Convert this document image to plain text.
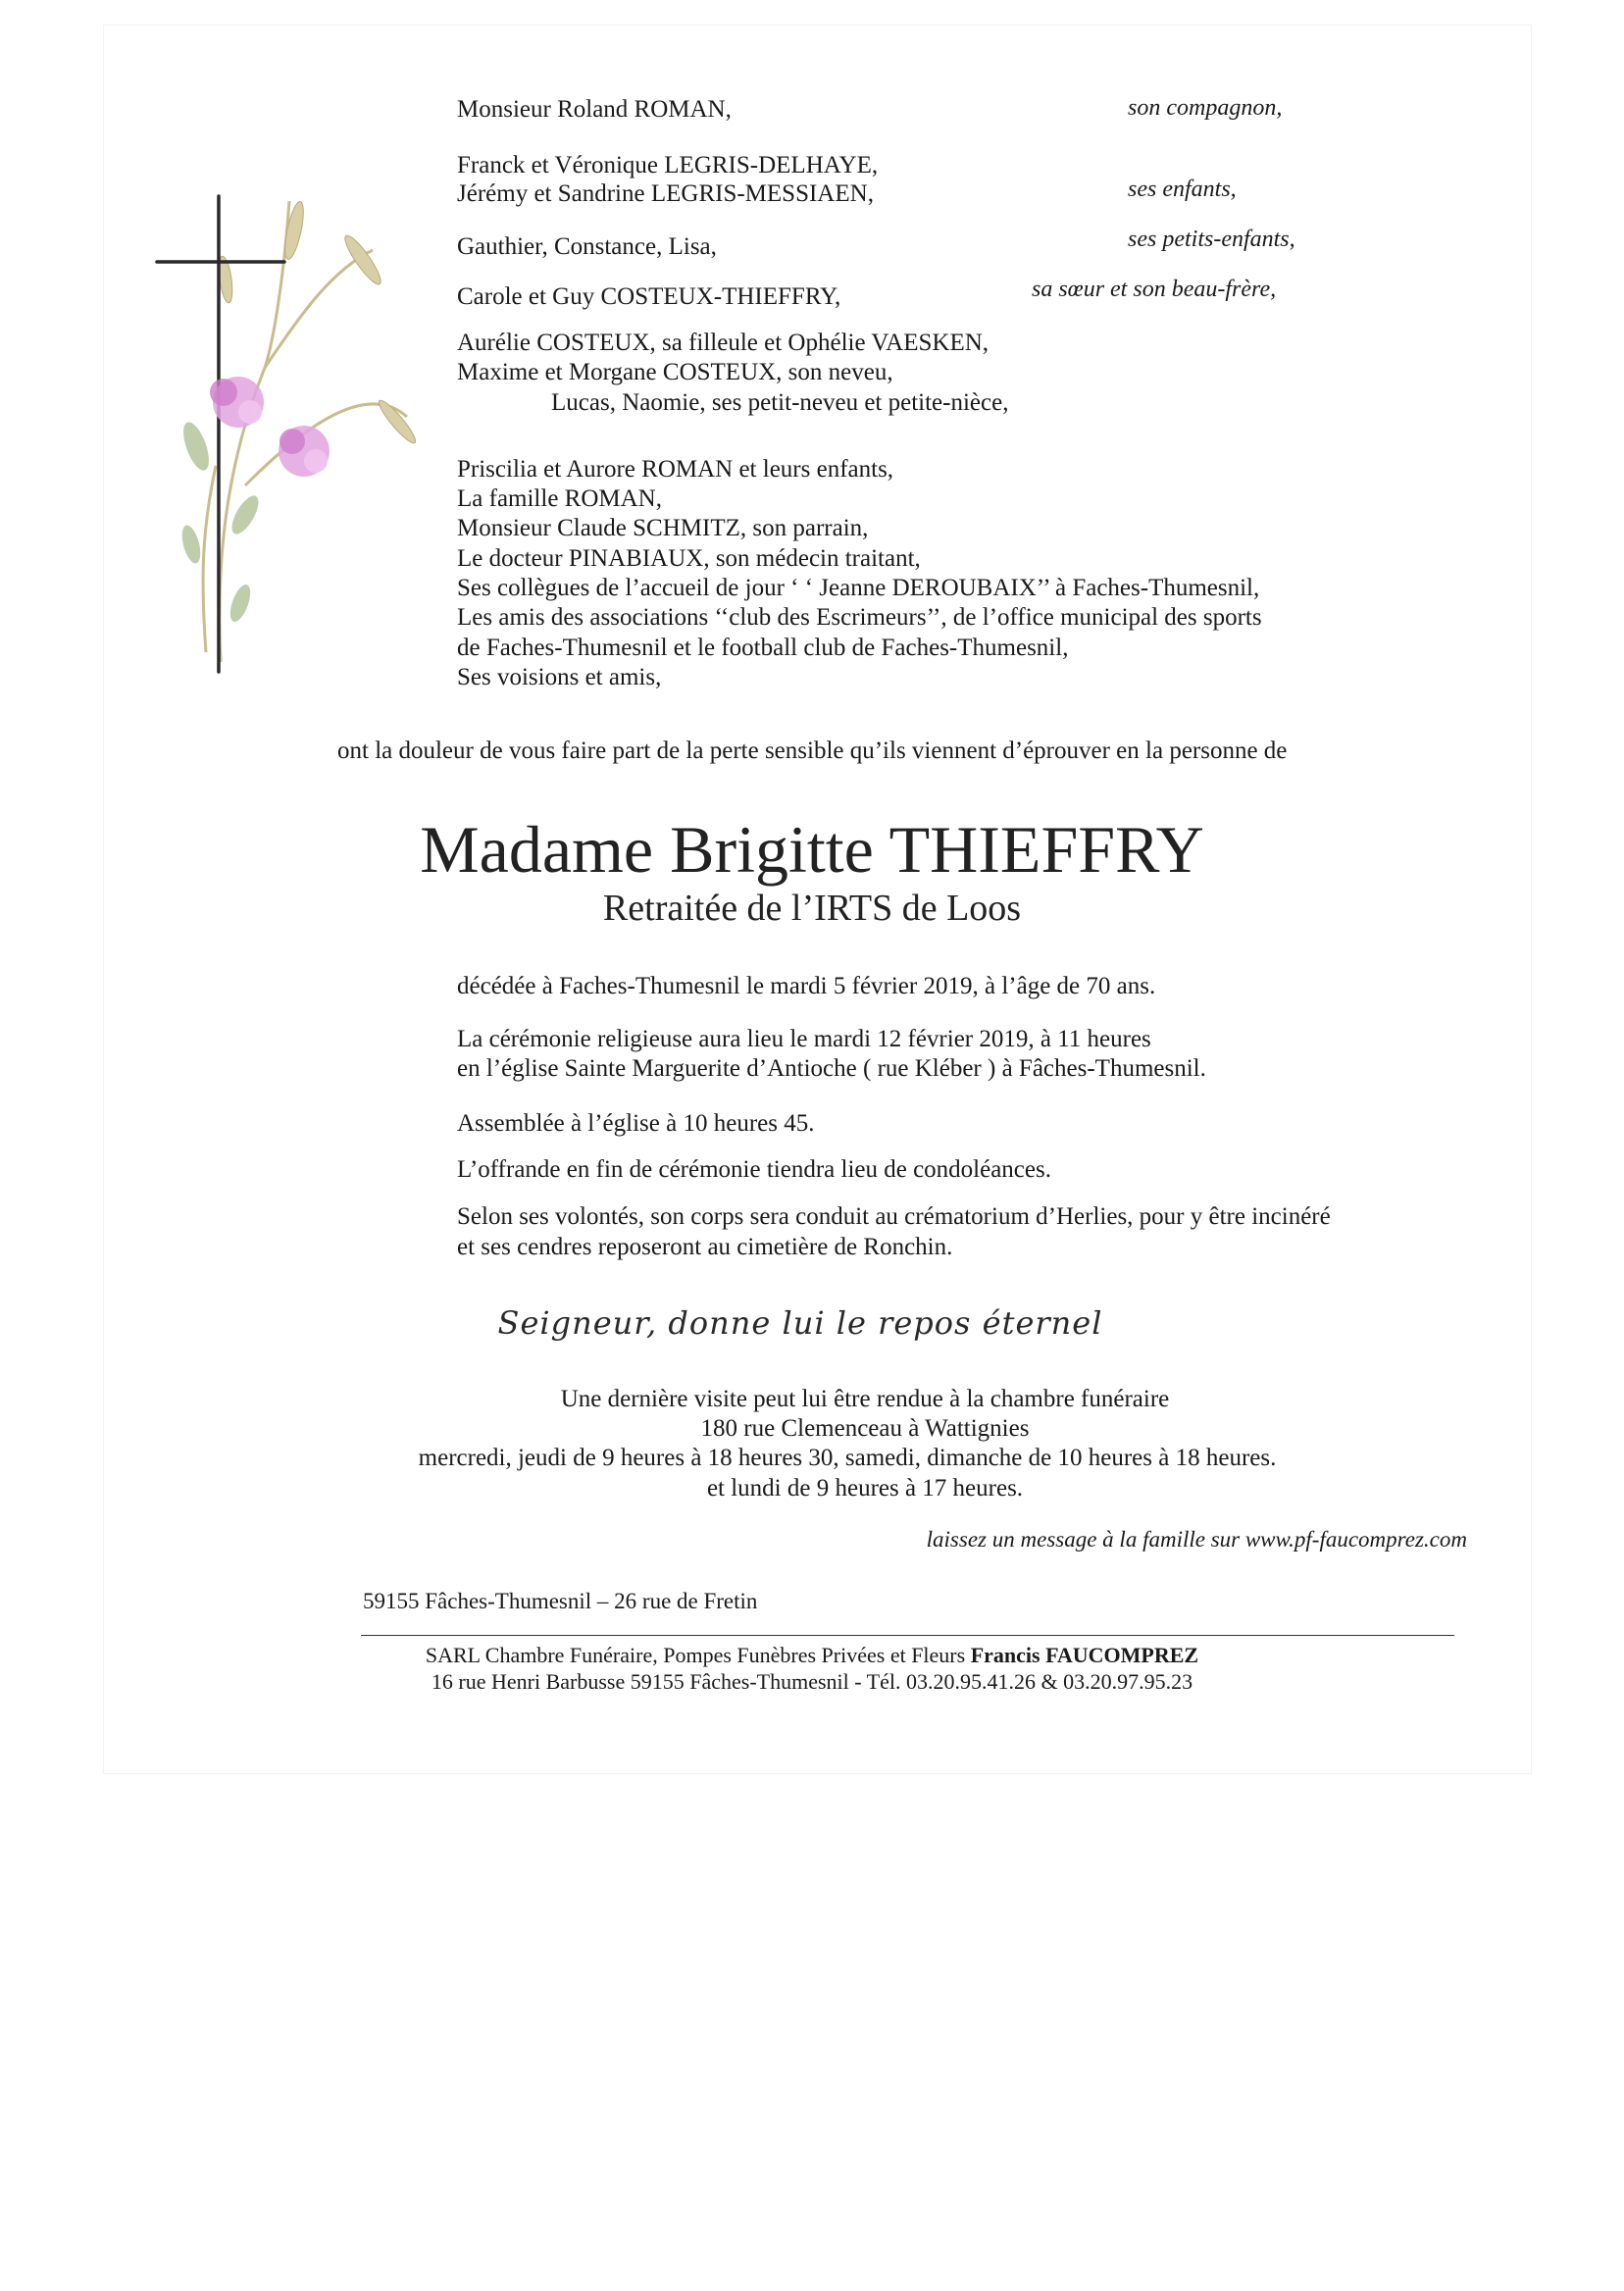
Monsieur Roland ROMAN,	son compagnon,
Franck et Véronique LEGRIS-DELHAYE,
Jérémy et Sandrine LEGRIS-MESSIAEN,	ses enfants,
Gauthier, Constance, Lisa,	ses petits-enfants,
Carole et Guy COSTEUX-THIEFFRY,	sa sœur et son beau-frère,
Aurélie COSTEUX, sa filleule et Ophélie VAESKEN,
Maxime et Morgane COSTEUX, son neveu,
Lucas, Naomie, ses petit-neveu et petite-nièce,
Priscilia et Aurore ROMAN et leurs enfants,
La famille ROMAN,
Monsieur Claude SCHMITZ, son parrain,
Le docteur PINABIAUX, son médecin traitant,
Ses collègues de l’accueil de jour ‘ ‘ Jeanne DEROUBAIX’’ à Faches-Thumesnil,
Les amis des associations ‘‘club des Escrimeurs’’, de l’office municipal des sports
de Faches-Thumesnil et le football club de Faches-Thumesnil,
Ses voisions et amis,
ont la douleur de vous faire part de la perte sensible qu’ils viennent d’éprouver en la personne de
Madame Brigitte THIEFFRY
Retraitée de l’IRTS de Loos
décédée à Faches-Thumesnil le mardi 5 février 2019, à l’âge de 70 ans.
La cérémonie religieuse aura lieu le mardi 12 février 2019, à 11 heures
en l’église Sainte Marguerite d’Antioche ( rue Kléber ) à Fâches-Thumesnil.
Assemblée à l’église à 10 heures 45.
L’offrande en fin de cérémonie tiendra lieu de condoléances.
Selon ses volontés, son corps sera conduit au crématorium d’Herlies, pour y être incinéré
et ses cendres reposeront au cimetière de Ronchin.
Seigneur, donne lui le repos éternel
Une dernière visite peut lui être rendue à la chambre funéraire
180 rue Clemenceau à Wattignies
mercredi, jeudi de 9 heures à 18 heures 30, samedi, dimanche de 10 heures à 18 heures.
et lundi de 9 heures à 17 heures.
laissez un message à la famille sur www.pf-faucomprez.com
59155 Fâches-Thumesnil – 26 rue de Fretin
SARL Chambre Funéraire, Pompes Funèbres Privées et Fleurs Francis FAUCOMPREZ
16 rue Henri Barbusse 59155 Fâches-Thumesnil - Tél. 03.20.95.41.26 & 03.20.97.95.23
